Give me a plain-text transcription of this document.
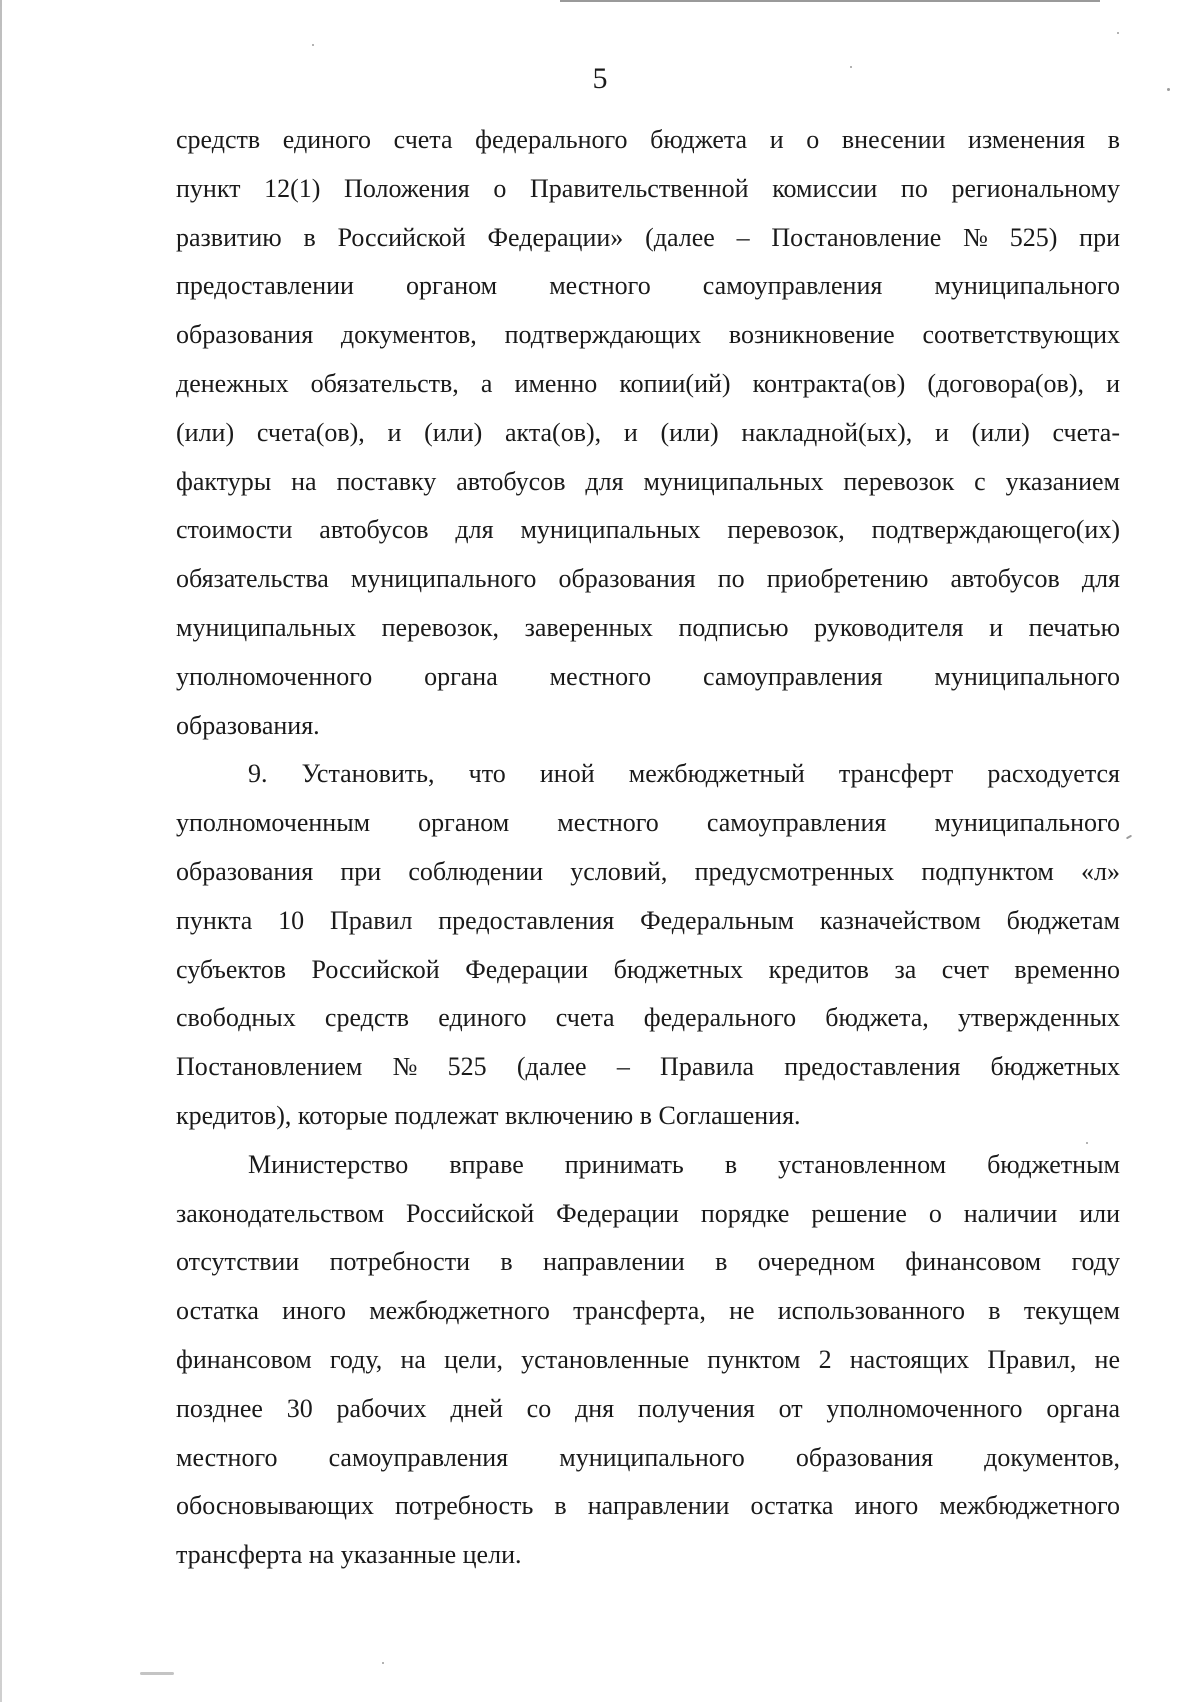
5
средств единого счета федерального бюджета и о внесении изменения в
пункт 12(1) Положения о Правительственной комиссии по региональному
развитию в Российской Федерации» (далее – Постановление № 525) при
предоставлении органом местного самоуправления муниципального
образования документов, подтверждающих возникновение соответствующих
денежных обязательств, а именно копии(ий) контракта(ов) (договора(ов), и
(или) счета(ов), и (или) акта(ов), и (или) накладной(ых), и (или) счета-
фактуры на поставку автобусов для муниципальных перевозок с указанием
стоимости автобусов для муниципальных перевозок, подтверждающего(их)
обязательства муниципального образования по приобретению автобусов для
муниципальных перевозок, заверенных подписью руководителя и печатью
уполномоченного органа местного самоуправления муниципального
образования.
9. Установить, что иной межбюджетный трансферт расходуется
уполномоченным органом местного самоуправления муниципального
образования при соблюдении условий, предусмотренных подпунктом «л»
пункта 10 Правил предоставления Федеральным казначейством бюджетам
субъектов Российской Федерации бюджетных кредитов за счет временно
свободных средств единого счета федерального бюджета, утвержденных
Постановлением № 525 (далее – Правила предоставления бюджетных
кредитов), которые подлежат включению в Соглашения.
Министерство вправе принимать в установленном бюджетным
законодательством Российской Федерации порядке решение о наличии или
отсутствии потребности в направлении в очередном финансовом году
остатка иного межбюджетного трансферта, не использованного в текущем
финансовом году, на цели, установленные пунктом 2 настоящих Правил, не
позднее 30 рабочих дней со дня получения от уполномоченного органа
местного самоуправления муниципального образования документов,
обосновывающих потребность в направлении остатка иного межбюджетного
трансферта на указанные цели.
